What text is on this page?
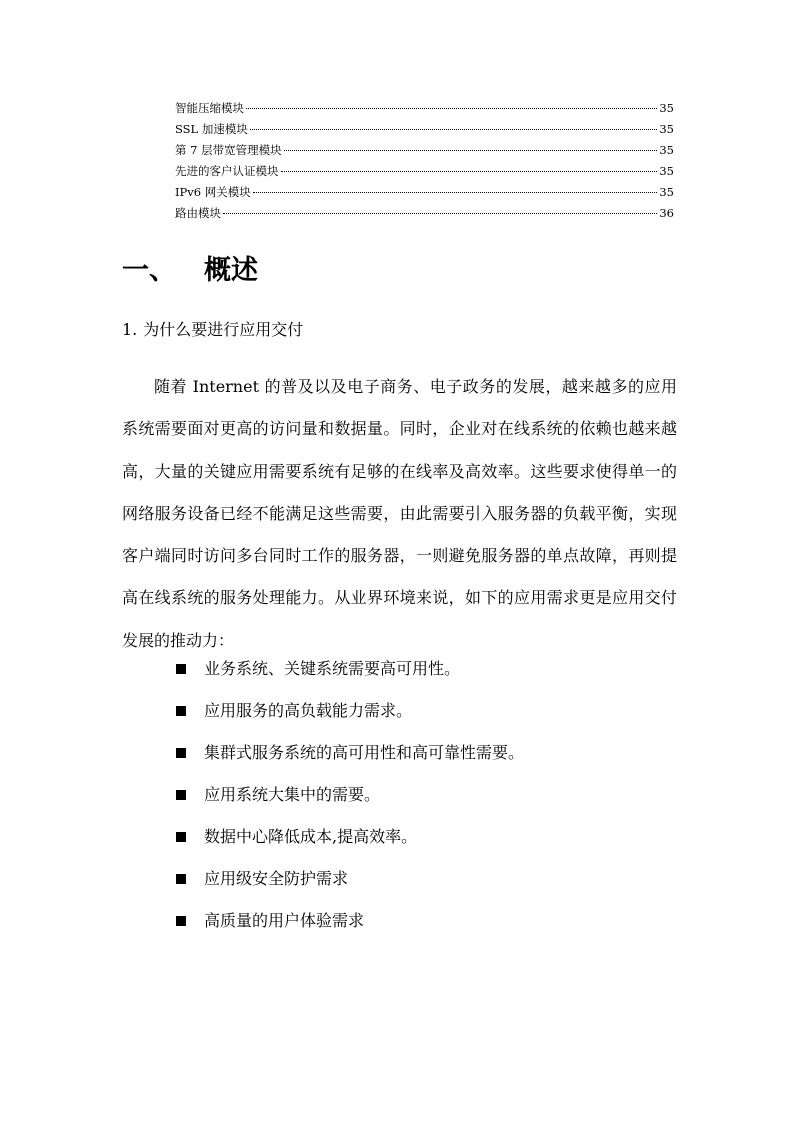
智能压缩模块	35
SSL 加速模块	35
第 7 层带宽管理模块	35
先进的客户认证模块	35
IPv6 网关模块	35
路由模块	36
一、 概述
1. 为什么要进行应用交付

随着 Internet 的普及以及电子商务、电子政务的发展，越来越多的应用系统需要面对更高的访问量和数据量。同时，企业对在线系统的依赖也越来越高，大量的关键应用需要系统有足够的在线率及高效率。这些要求使得单一的网络服务设备已经不能满足这些需要，由此需要引入服务器的负载平衡，实现客户端同时访问多台同时工作的服务器，一则避免服务器的单点故障，再则提高在线系统的服务处理能力。从业界环境来说，如下的应用需求更是应用交付发展的推动力：

业务系统、关键系统需要高可用性。
应用服务的高负载能力需求。
集群式服务系统的高可用性和高可靠性需要。
应用系统大集中的需要。
数据中心降低成本,提高效率。
应用级安全防护需求
高质量的用户体验需求
